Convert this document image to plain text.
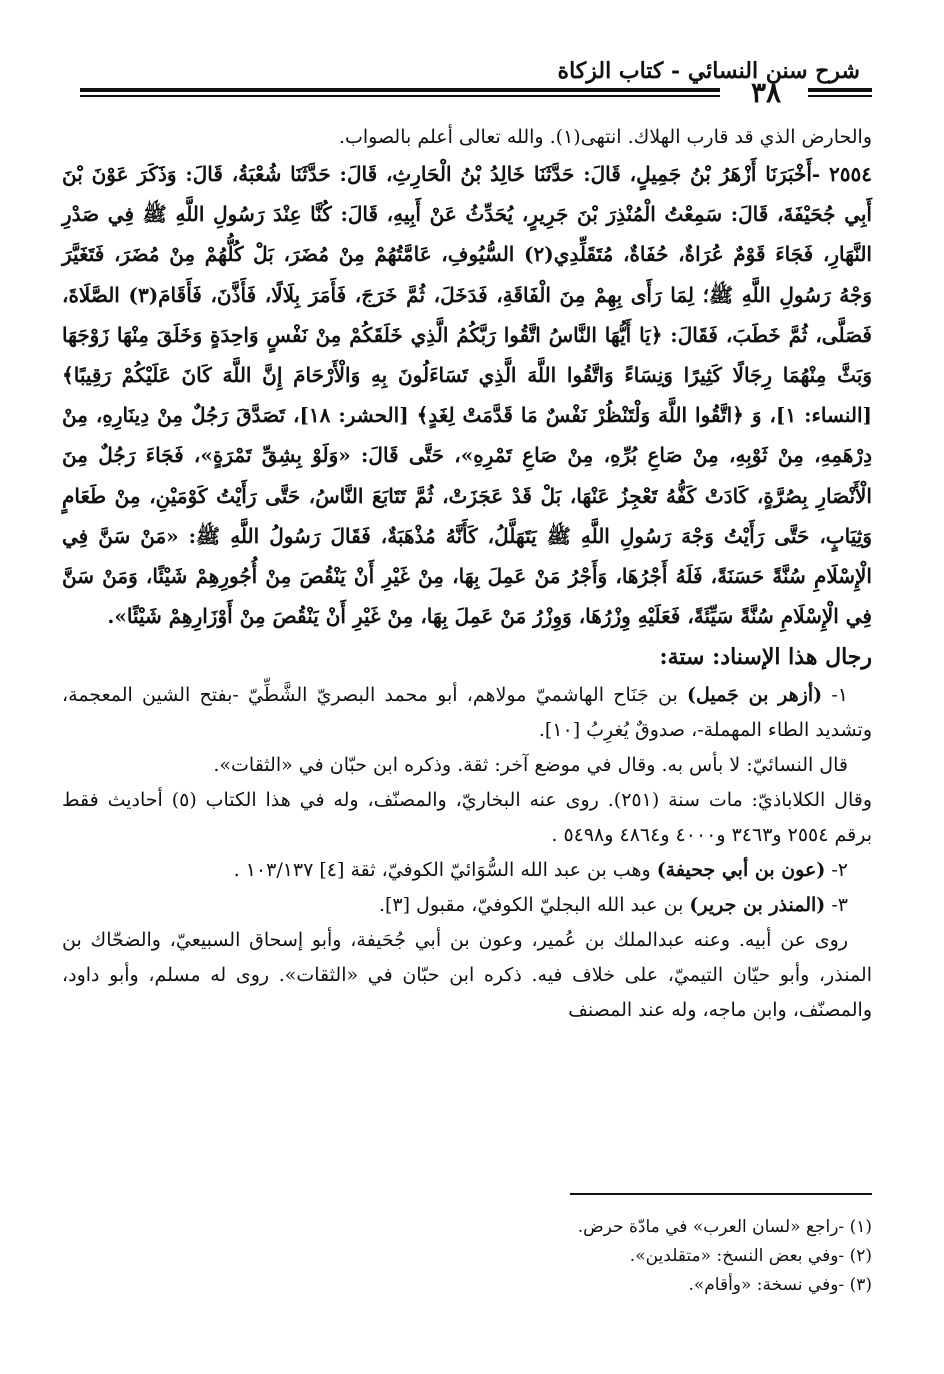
شرح سنن النسائي - كتاب الزكاة
٣٨

والحارض الذي قد قارب الهلاك. انتهى(١). والله تعالى أعلم بالصواب.

٢٥٥٤ -أَخْبَرَنَا أَزْهَرُ بْنُ جَمِيلٍ، قَالَ: حَدَّثَنَا خَالِدُ بْنُ الْحَارِثِ، قَالَ: حَدَّثَنَا شُعْبَةُ، قَالَ: وَذَكَرَ عَوْنَ بْنَ أَبِي جُحَيْفَةَ، قَالَ: سَمِعْتُ الْمُنْذِرَ بْنَ جَرِيرٍ، يُحَدِّثُ عَنْ أَبِيهِ، قَالَ: كُنَّا عِنْدَ رَسُولِ اللَّهِ ﷺ فِي صَدْرِ النَّهَارِ، فَجَاءَ قَوْمٌ عُرَاةٌ، حُفَاةٌ، مُتَقَلِّدِي(٢) السُّيُوفِ، عَامَّتُهُمْ مِنْ مُضَرَ، بَلْ كُلُّهُمْ مِنْ مُضَرَ، فَتَغَيَّرَ وَجْهُ رَسُولِ اللَّهِ ﷺ؛ لِمَا رَأَى بِهِمْ مِنَ الْفَاقَةِ، فَدَخَلَ، ثُمَّ خَرَجَ، فَأَمَرَ بِلَالًا، فَأَذَّنَ، فَأَقَامَ(٣) الصَّلَاةَ، فَصَلَّى، ثُمَّ خَطَبَ، فَقَالَ: ﴿يَا أَيُّهَا النَّاسُ اتَّقُوا رَبَّكُمُ الَّذِي خَلَقَكُمْ مِنْ نَفْسٍ وَاحِدَةٍ وَخَلَقَ مِنْهَا زَوْجَهَا وَبَثَّ مِنْهُمَا رِجَالًا كَثِيرًا وَنِسَاءً وَاتَّقُوا اللَّهَ الَّذِي تَسَاءَلُونَ بِهِ وَالْأَرْحَامَ إِنَّ اللَّهَ كَانَ عَلَيْكُمْ رَقِيبًا﴾ [النساء: ١]، وَ ﴿اتَّقُوا اللَّهَ وَلْتَنْظُرْ نَفْسٌ مَا قَدَّمَتْ لِغَدٍ﴾ [الحشر: ١٨]، تَصَدَّقَ رَجُلٌ مِنْ دِينَارِهِ، مِنْ دِرْهَمِهِ، مِنْ ثَوْبِهِ، مِنْ صَاعِ بُرِّهِ، مِنْ صَاعِ تَمْرِهِ»، حَتَّى قَالَ: «وَلَوْ بِشِقِّ تَمْرَةٍ»، فَجَاءَ رَجُلٌ مِنَ الْأَنْصَارِ بِصُرَّةٍ، كَادَتْ كَفُّهُ تَعْجِزُ عَنْهَا، بَلْ قَدْ عَجَزَتْ، ثُمَّ تَتَابَعَ النَّاسُ، حَتَّى رَأَيْتُ كَوْمَيْنِ، مِنْ طَعَامٍ وَثِيَابٍ، حَتَّى رَأَيْتُ وَجْهَ رَسُولِ اللَّهِ ﷺ يَتَهَلَّلُ، كَأَنَّهُ مُذْهَبَةٌ، فَقَالَ رَسُولُ اللَّهِ ﷺ: «مَنْ سَنَّ فِي الْإِسْلَامِ سُنَّةً حَسَنَةً، فَلَهُ أَجْرُهَا، وَأَجْرُ مَنْ عَمِلَ بِهَا، مِنْ غَيْرِ أَنْ يَنْقُصَ مِنْ أُجُورِهِمْ شَيْئًا، وَمَنْ سَنَّ فِي الْإِسْلَامِ سُنَّةً سَيِّئَةً، فَعَلَيْهِ وِزْرُهَا، وَوِزْرُ مَنْ عَمِلَ بِهَا، مِنْ غَيْرِ أَنْ يَنْقُصَ مِنْ أَوْزَارِهِمْ شَيْئًا».

رجال هذا الإسناد: ستة:

١- (أزهر بن جَميل) بن جَنَاح الهاشميّ مولاهم، أبو محمد البصريّ الشَّطِّيّ -بفتح الشين المعجمة، وتشديد الطاء المهملة-، صدوقٌ يُغرِبُ [١٠].

قال النسائيّ: لا بأس به. وقال في موضع آخر: ثقة. وذكره ابن حبّان في «الثقات».

وقال الكلاباذيّ: مات سنة (٢٥١). روى عنه البخاريّ، والمصنّف، وله في هذا الكتاب (٥) أحاديث فقط برقم ٢٥٥٤ و٣٤٦٣ و٤٠٠٠ و٤٨٦٤ و٥٤٩٨ .

٢- (عون بن أبي جحيفة) وهب بن عبد الله السُّوَائيّ الكوفيّ، ثقة [٤] ١٠٣/١٣٧ .

٣- (المنذر بن جرير) بن عبد الله البجليّ الكوفيّ، مقبول [٣].

روى عن أبيه. وعنه عبدالملك بن عُمير، وعون بن أبي جُحَيفة، وأبو إسحاق السبيعيّ، والضحّاك بن المنذر، وأبو حيّان التيميّ، على خلاف فيه. ذكره ابن حبّان في «الثقات». روى له مسلم، وأبو داود، والمصنّف، وابن ماجه، وله عند المصنف

(١) -راجع «لسان العرب» في مادّة حرض.
(٢) -وفي بعض النسخ: «متقلدين».
(٣) -وفي نسخة: «وأقام».
